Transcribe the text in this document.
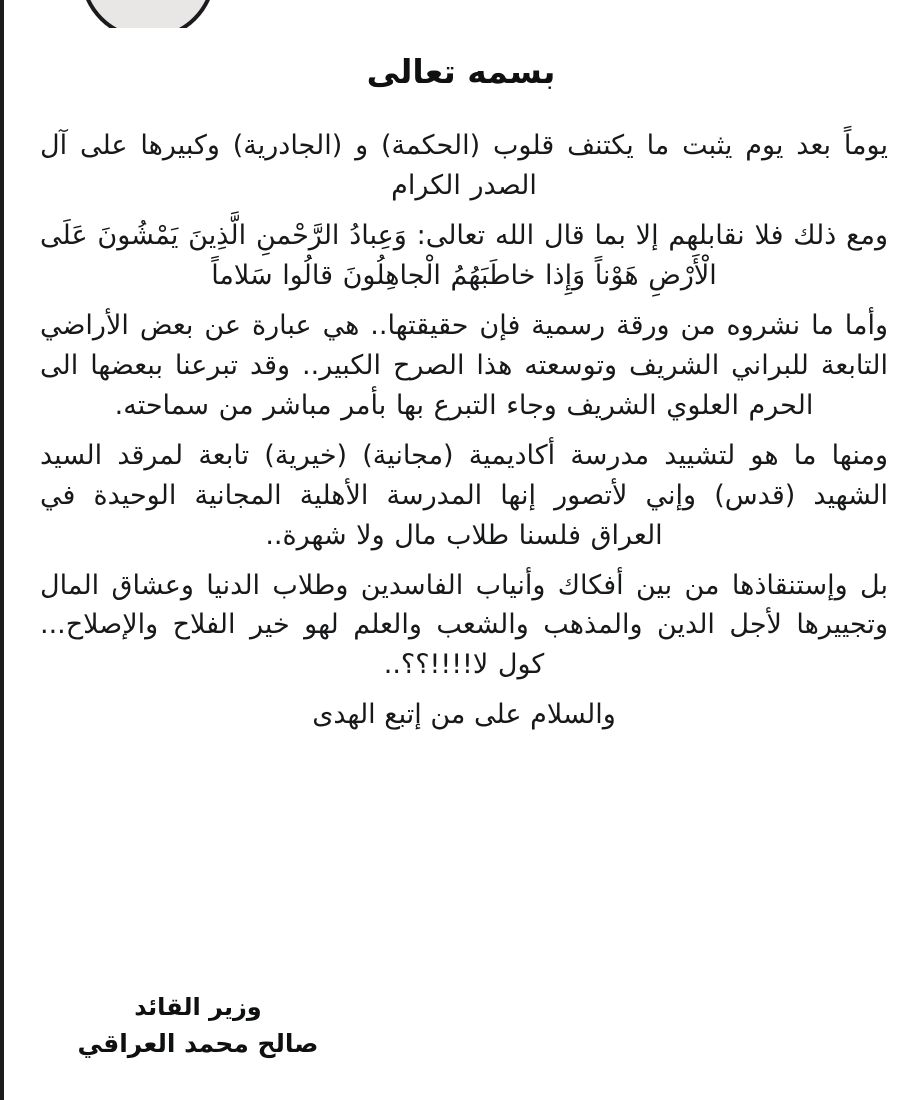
بسمه تعالى

يوماً بعد يوم يثبت ما يكتنف قلوب (الحكمة) و (الجادرية) وكبيرها على آل الصدر الكرام

ومع ذلك فلا نقابلهم إلا بما قال الله تعالى: وَعِبادُ الرَّحْمنِ الَّذِينَ يَمْشُونَ عَلَى الْأَرْضِ هَوْناً وَإِذا خاطَبَهُمُ الْجاهِلُونَ قالُوا سَلاماً

وأما ما نشروه من ورقة رسمية فإن حقيقتها.. هي عبارة عن بعض الأراضي التابعة للبراني الشريف وتوسعته هذا الصرح الكبير.. وقد تبرعنا ببعضها الى الحرم العلوي الشريف وجاء التبرع بها بأمر مباشر من سماحته.

ومنها ما هو لتشييد مدرسة أكاديمية (مجانية) (خيرية) تابعة لمرقد السيد الشهيد (قدس) وإني لأتصور إنها المدرسة الأهلية المجانية الوحيدة في العراق فلسنا طلاب مال ولا شهرة..

بل وإستنقاذها من بين أفكاك وأنياب الفاسدين وطلاب الدنيا وعشاق المال وتجييرها لأجل الدين والمذهب والشعب والعلم لهو خير الفلاح والإصلاح... كول لا!!!!؟؟..

والسلام على من إتبع الهدى

وزير القائد
صالح محمد العراقي
